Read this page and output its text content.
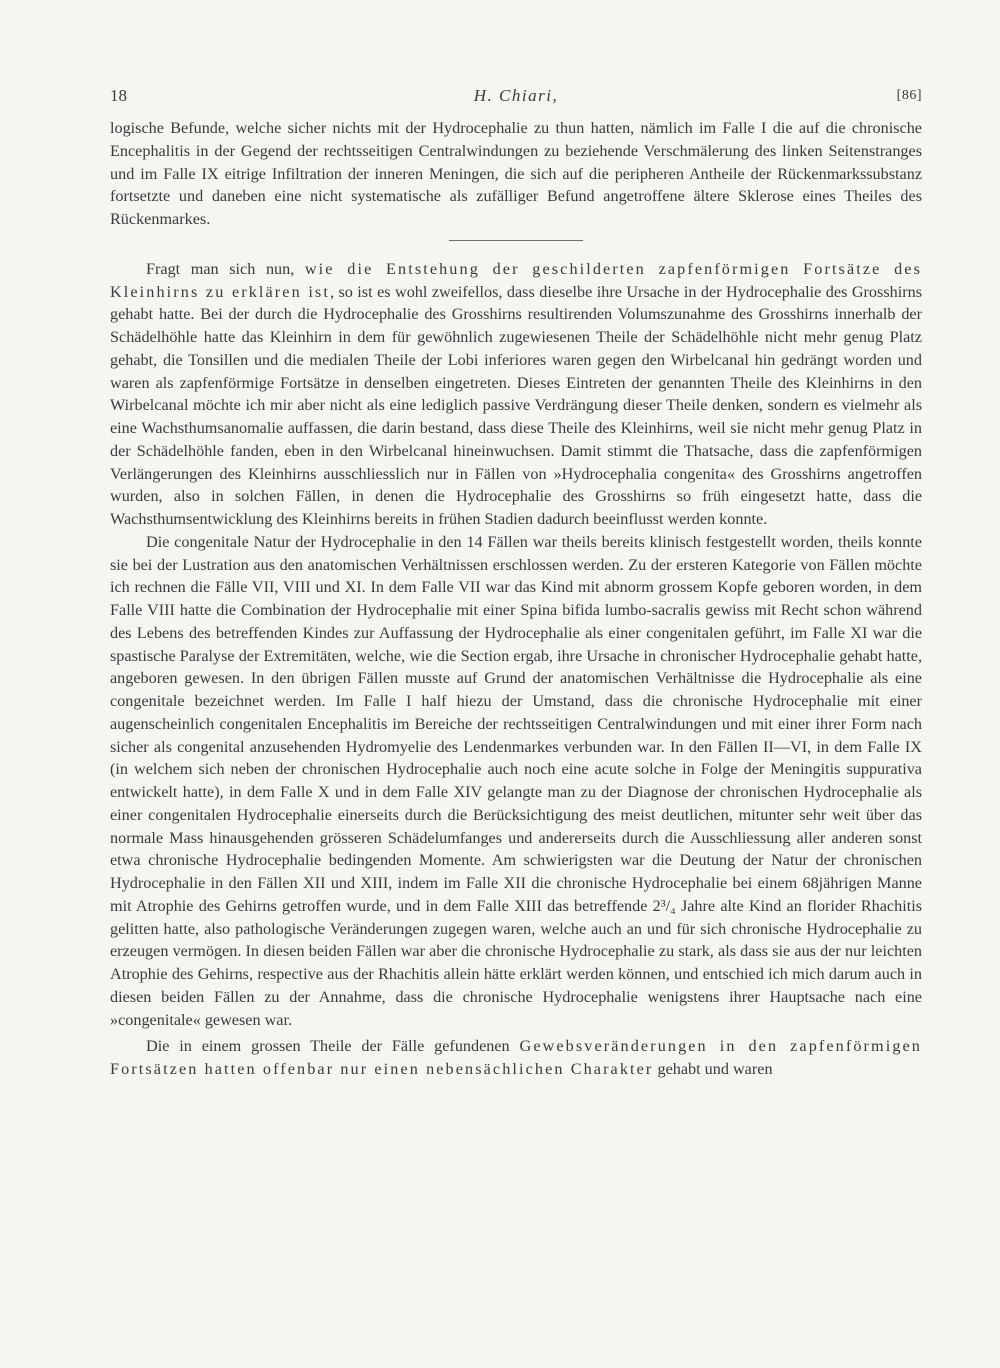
18	H. Chiari,	[86]

logische Befunde, welche sicher nichts mit der Hydrocephalie zu thun hatten, nämlich im Falle I die auf die chronische Encephalitis in der Gegend der rechtsseitigen Centralwindungen zu beziehende Verschmälerung des linken Seitenstranges und im Falle IX eitrige Infiltration der inneren Meningen, die sich auf die peripheren Antheile der Rückenmarkssubstanz fortsetzte und daneben eine nicht systematische als zufälliger Befund angetroffene ältere Sklerose eines Theiles des Rückenmarkes.

Fragt man sich nun, wie die Entstehung der geschilderten zapfenförmigen Fortsätze des Kleinhirns zu erklären ist, so ist es wohl zweifellos, dass dieselbe ihre Ursache in der Hydrocephalie des Grosshirns gehabt hatte. Bei der durch die Hydrocephalie des Grosshirns resultirenden Volumszunahme des Grosshirns innerhalb der Schädelhöhle hatte das Kleinhirn in dem für gewöhnlich zugewiesenen Theile der Schädelhöhle nicht mehr genug Platz gehabt, die Tonsillen und die medialen Theile der Lobi inferiores waren gegen den Wirbelcanal hin gedrängt worden und waren als zapfenförmige Fortsätze in denselben eingetreten. Dieses Eintreten der genannten Theile des Kleinhirns in den Wirbelcanal möchte ich mir aber nicht als eine lediglich passive Verdrängung dieser Theile denken, sondern es vielmehr als eine Wachsthumsanomalie auffassen, die darin bestand, dass diese Theile des Kleinhirns, weil sie nicht mehr genug Platz in der Schädelhöhle fanden, eben in den Wirbelcanal hineinwuchsen. Damit stimmt die Thatsache, dass die zapfenförmigen Verlängerungen des Kleinhirns ausschliesslich nur in Fällen von »Hydrocephalia congenita« des Grosshirns angetroffen wurden, also in solchen Fällen, in denen die Hydrocephalie des Grosshirns so früh eingesetzt hatte, dass die Wachsthumsentwicklung des Kleinhirns bereits in frühen Stadien dadurch beeinflusst werden konnte.

Die congenitale Natur der Hydrocephalie in den 14 Fällen war theils bereits klinisch festgestellt worden, theils konnte sie bei der Lustration aus den anatomischen Verhältnissen erschlossen werden. Zu der ersteren Kategorie von Fällen möchte ich rechnen die Fälle VII, VIII und XI. In dem Falle VII war das Kind mit abnorm grossem Kopfe geboren worden, in dem Falle VIII hatte die Combination der Hydrocephalie mit einer Spina bifida lumbo-sacralis gewiss mit Recht schon während des Lebens des betreffenden Kindes zur Auffassung der Hydrocephalie als einer congenitalen geführt, im Falle XI war die spastische Paralyse der Extremitäten, welche, wie die Section ergab, ihre Ursache in chronischer Hydrocephalie gehabt hatte, angeboren gewesen. In den übrigen Fällen musste auf Grund der anatomischen Verhältnisse die Hydrocephalie als eine congenitale bezeichnet werden. Im Falle I half hiezu der Umstand, dass die chronische Hydrocephalie mit einer augenscheinlich congenitalen Encephalitis im Bereiche der rechtsseitigen Centralwindungen und mit einer ihrer Form nach sicher als congenital anzusehenden Hydromyelie des Lendenmarkes verbunden war. In den Fällen II—VI, in dem Falle IX (in welchem sich neben der chronischen Hydrocephalie auch noch eine acute solche in Folge der Meningitis suppurativa entwickelt hatte), in dem Falle X und in dem Falle XIV gelangte man zu der Diagnose der chronischen Hydrocephalie als einer congenitalen Hydrocephalie einerseits durch die Berücksichtigung des meist deutlichen, mitunter sehr weit über das normale Mass hinausgehenden grösseren Schädelumfanges und andererseits durch die Ausschliessung aller anderen sonst etwa chronische Hydrocephalie bedingenden Momente. Am schwierigsten war die Deutung der Natur der chronischen Hydrocephalie in den Fällen XII und XIII, indem im Falle XII die chronische Hydrocephalie bei einem 68jährigen Manne mit Atrophie des Gehirns getroffen wurde, und in dem Falle XIII das betreffende 2³/₄ Jahre alte Kind an florider Rhachitis gelitten hatte, also pathologische Veränderungen zugegen waren, welche auch an und für sich chronische Hydrocephalie zu erzeugen vermögen. In diesen beiden Fällen war aber die chronische Hydrocephalie zu stark, als dass sie aus der nur leichten Atrophie des Gehirns, respective aus der Rhachitis allein hätte erklärt werden können, und entschied ich mich darum auch in diesen beiden Fällen zu der Annahme, dass die chronische Hydrocephalie wenigstens ihrer Hauptsache nach eine »congenitale« gewesen war.

Die in einem grossen Theile der Fälle gefundenen Gewebsveränderungen in den zapfenförmigen Fortsätzen hatten offenbar nur einen nebensächlichen Charakter gehabt und waren
